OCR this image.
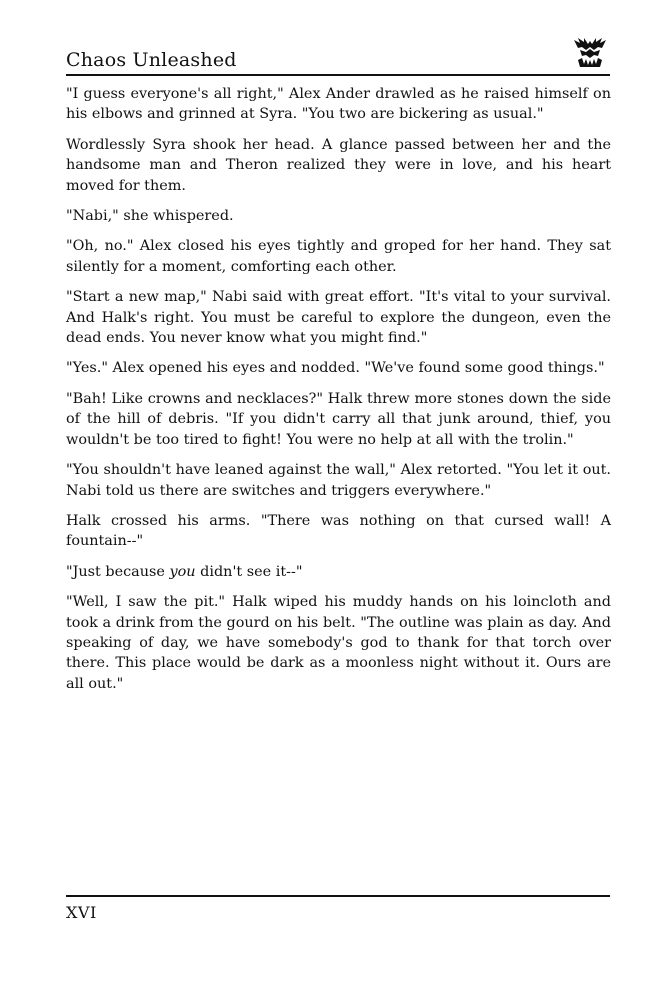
Chaos Unleashed

"I guess everyone's all right," Alex Ander drawled as he raised himself on his elbows and grinned at Syra. "You two are bickering as usual."

Wordlessly Syra shook her head. A glance passed between her and the handsome man and Theron realized they were in love, and his heart moved for them.

"Nabi," she whispered.

"Oh, no." Alex closed his eyes tightly and groped for her hand. They sat silently for a moment, comforting each other.

"Start a new map," Nabi said with great effort. "It's vital to your survival. And Halk's right. You must be careful to explore the dungeon, even the dead ends. You never know what you might find."

"Yes." Alex opened his eyes and nodded. "We've found some good things."

"Bah! Like crowns and necklaces?" Halk threw more stones down the side of the hill of debris. "If you didn't carry all that junk around, thief, you wouldn't be too tired to fight! You were no help at all with the trolin."

"You shouldn't have leaned against the wall," Alex retorted. "You let it out. Nabi told us there are switches and triggers everywhere."

Halk crossed his arms. "There was nothing on that cursed wall! A fountain--"

"Just because you didn't see it--"

"Well, I saw the pit." Halk wiped his muddy hands on his loincloth and took a drink from the gourd on his belt. "The outline was plain as day. And speaking of day, we have somebody's god to thank for that torch over there. This place would be dark as a moonless night without it. Ours are all out."

XVI
